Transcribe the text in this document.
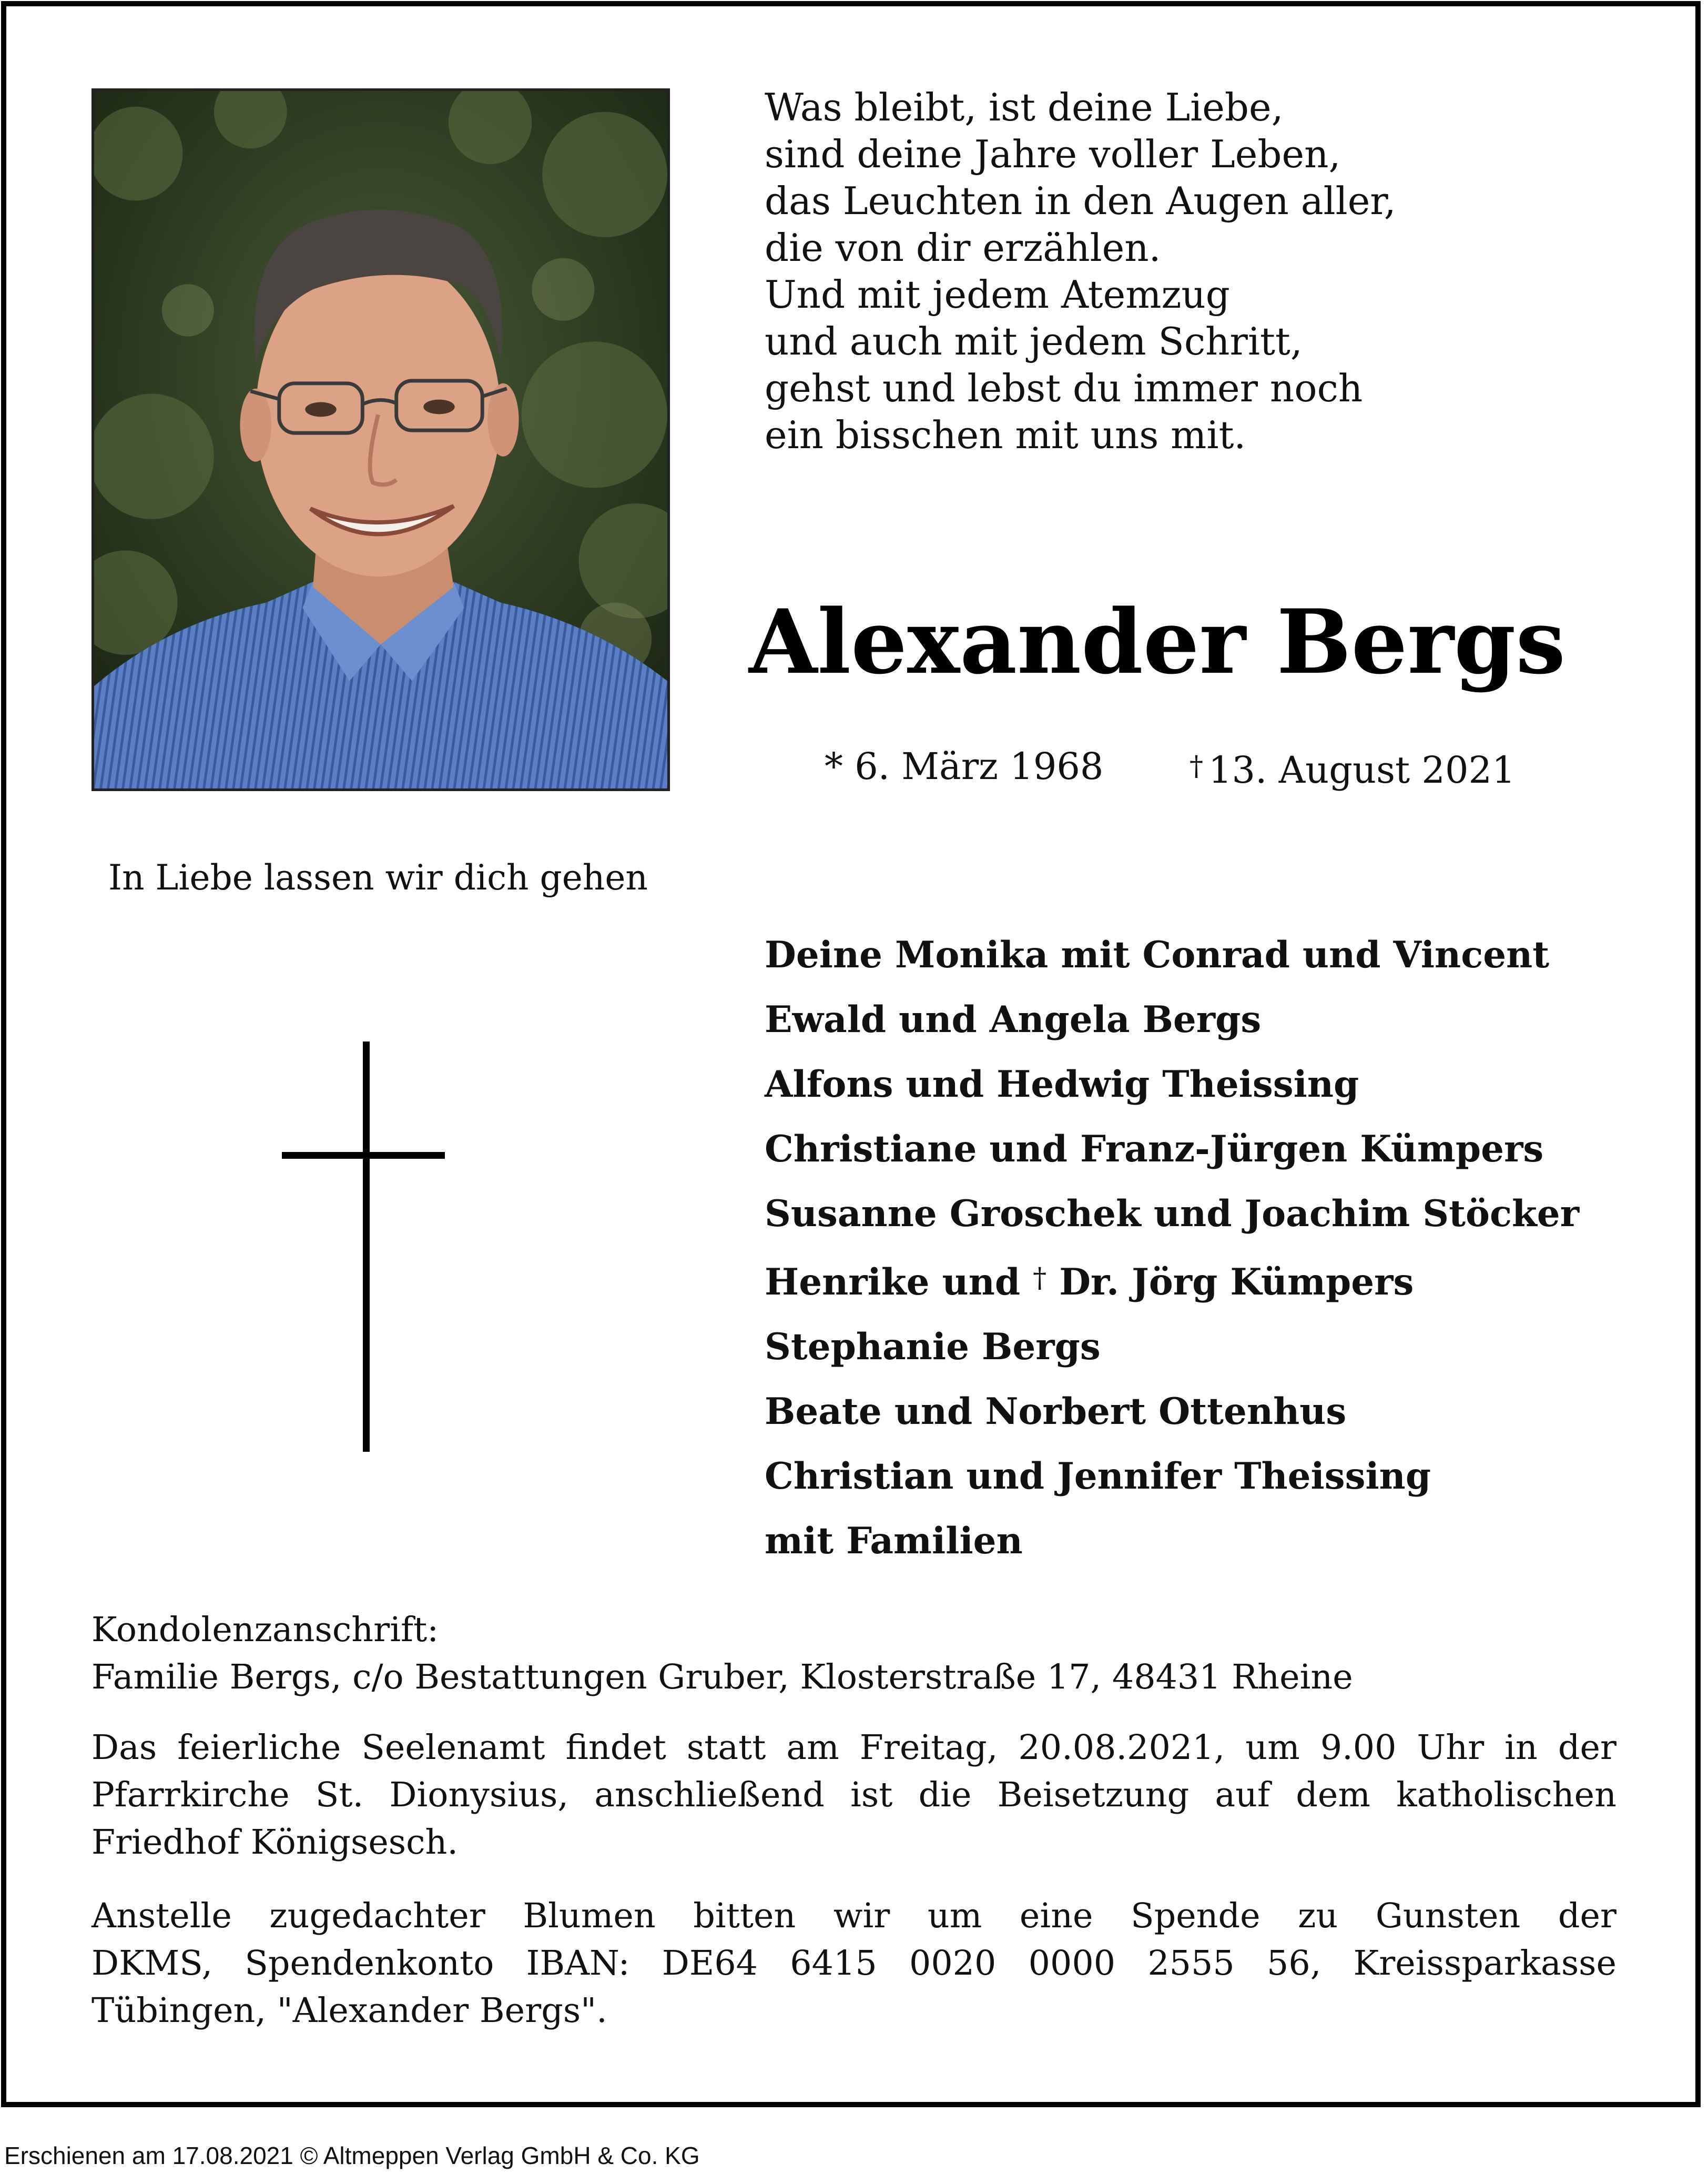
Was bleibt, ist deine Liebe,
sind deine Jahre voller Leben,
das Leuchten in den Augen aller,
die von dir erzählen.
Und mit jedem Atemzug
und auch mit jedem Schritt,
gehst und lebst du immer noch
ein bisschen mit uns mit.
Alexander Bergs
* 6. März 1968	† 13. August 2021
In Liebe lassen wir dich gehen
Deine Monika mit Conrad und Vincent
Ewald und Angela Bergs
Alfons und Hedwig Theissing
Christiane und Franz-Jürgen Kümpers
Susanne Groschek und Joachim Stöcker
Henrike und † Dr. Jörg Kümpers
Stephanie Bergs
Beate und Norbert Ottenhus
Christian und Jennifer Theissing
mit Familien
Kondolenzanschrift:
Familie Bergs, c/o Bestattungen Gruber, Klosterstraße 17, 48431 Rheine
Das feierliche Seelenamt findet statt am Freitag, 20.08.2021, um 9.00 Uhr in der
Pfarrkirche St. Dionysius, anschließend ist die Beisetzung auf dem katholischen
Friedhof Königsesch.
Anstelle zugedachter Blumen bitten wir um eine Spende zu Gunsten der
DKMS, Spendenkonto IBAN: DE64 6415 0020 0000 2555 56, Kreissparkasse
Tübingen, "Alexander Bergs".
Erschienen am 17.08.2021 © Altmeppen Verlag GmbH & Co. KG
